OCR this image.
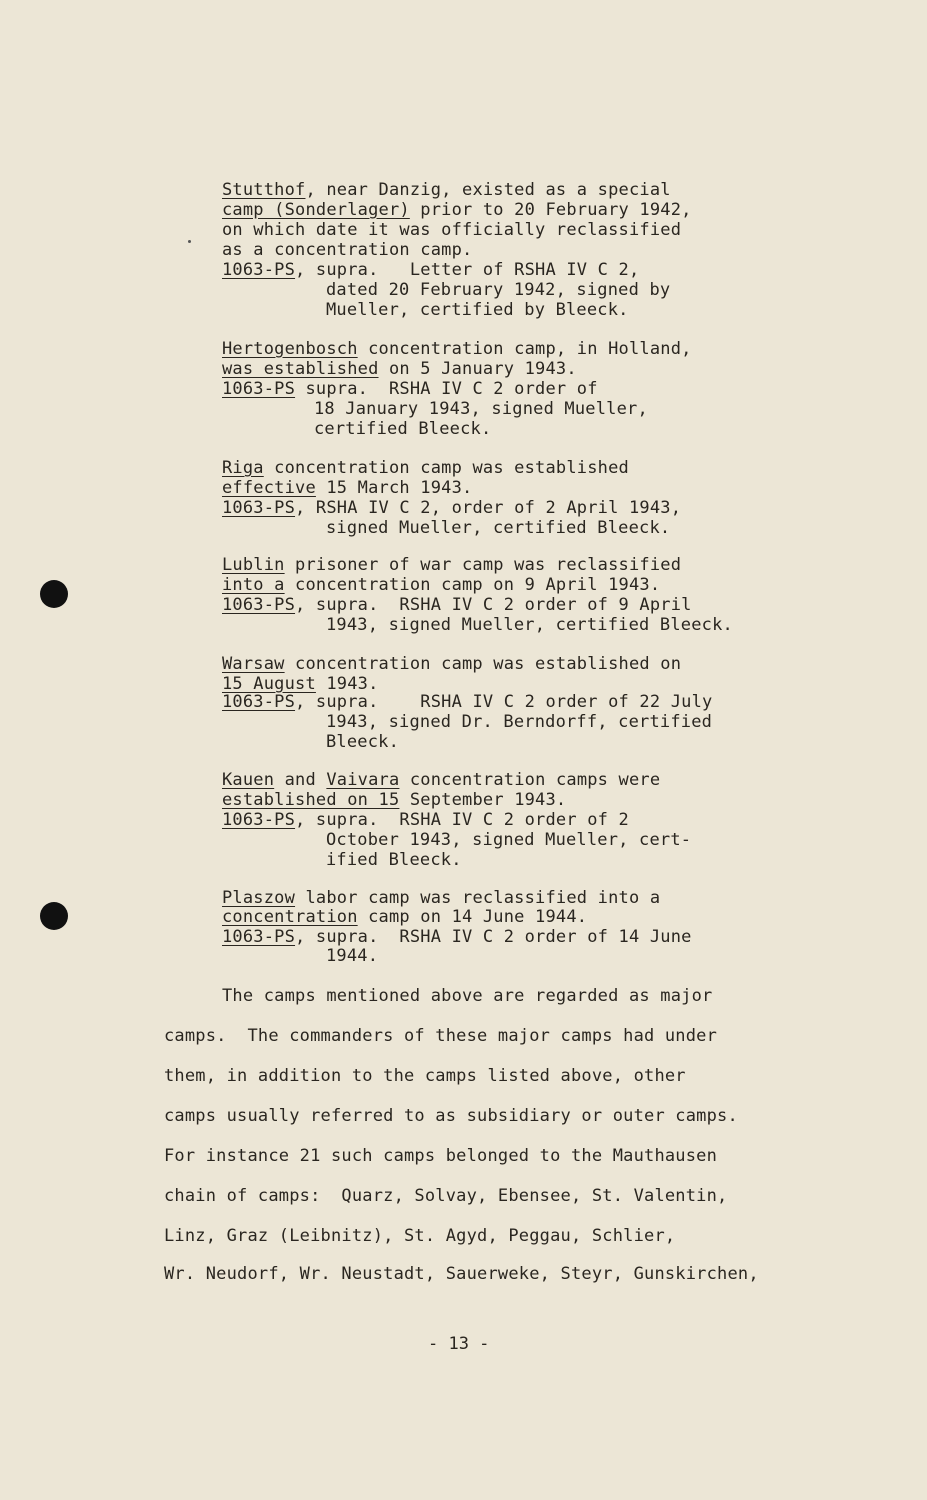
Stutthof, near Danzig, existed as a special
camp (Sonderlager) prior to 20 February 1942,
on which date it was officially reclassified
as a concentration camp.
1063-PS, supra.   Letter of RSHA IV C 2,
dated 20 February 1942, signed by
Mueller, certified by Bleeck.
Hertogenbosch concentration camp, in Holland,
was established on 5 January 1943.
1063-PS supra.  RSHA IV C 2 order of
18 January 1943, signed Mueller,
certified Bleeck.
Riga concentration camp was established
effective 15 March 1943.
1063-PS, RSHA IV C 2, order of 2 April 1943,
signed Mueller, certified Bleeck.
Lublin prisoner of war camp was reclassified
into a concentration camp on 9 April 1943.
1063-PS, supra.  RSHA IV C 2 order of 9 April
1943, signed Mueller, certified Bleeck.
Warsaw concentration camp was established on
15 August 1943.
1063-PS, supra.    RSHA IV C 2 order of 22 July
1943, signed Dr. Berndorff, certified
Bleeck.
Kauen and Vaivara concentration camps were
established on 15 September 1943.
1063-PS, supra.  RSHA IV C 2 order of 2
October 1943, signed Mueller, cert-
ified Bleeck.
Plaszow labor camp was reclassified into a
concentration camp on 14 June 1944.
1063-PS, supra.  RSHA IV C 2 order of 14 June
1944.
The camps mentioned above are regarded as major
camps.  The commanders of these major camps had under
them, in addition to the camps listed above, other
camps usually referred to as subsidiary or outer camps.
For instance 21 such camps belonged to the Mauthausen
chain of camps:  Quarz, Solvay, Ebensee, St. Valentin,
Linz, Graz (Leibnitz), St. Agyd, Peggau, Schlier,
Wr. Neudorf, Wr. Neustadt, Sauerweke, Steyr, Gunskirchen,
- 13 -
